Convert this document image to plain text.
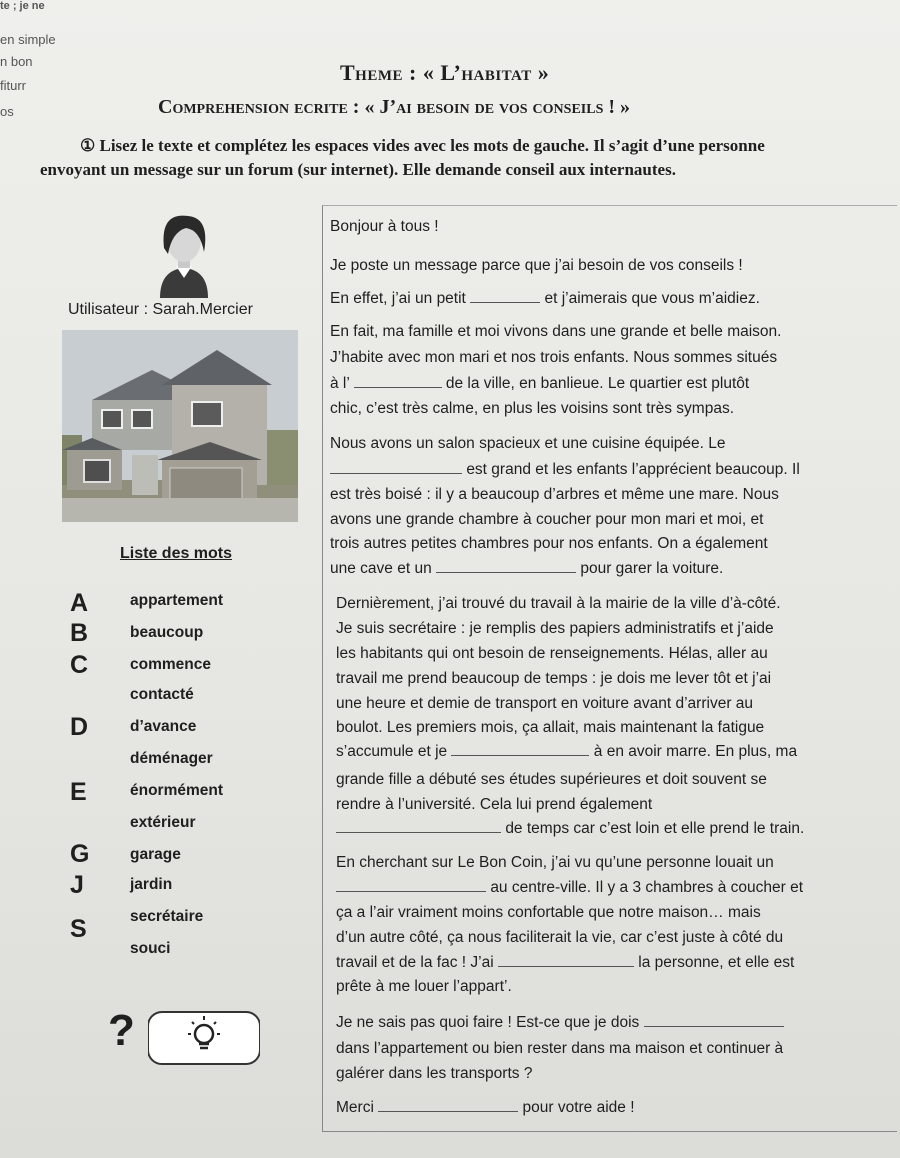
te ; je ne
en simple
n bon
fiturr
os
Theme : « L’habitat »
Comprehension ecrite : « J’ai besoin de vos conseils ! »
① Lisez le texte et complétez les espaces vides avec les mots de gauche. Il s’agit d’une personne
envoyant un message sur un forum (sur internet). Elle demande conseil aux internautes.
Utilisateur : Sarah.Mercier
Liste des mots
A	appartement
B	beaucoup
C	commence
contacté
D	d’avance
déménager
E	énormément
extérieur
G	garage
J	jardin
S	secrétaire
souci
?
Bonjour à tous !
Je poste un message parce que j’ai besoin de vos conseils !
En effet, j’ai un petit	et j’aimerais que vous m’aidiez.
En fait, ma famille et moi vivons dans une grande et belle maison.
J’habite avec mon mari et nos trois enfants. Nous sommes situés
à l’	de la ville, en banlieue. Le quartier est plutôt
chic, c’est très calme, en plus les voisins sont très sympas.
Nous avons un salon spacieux et une cuisine équipée. Le
est grand et les enfants l’apprécient beaucoup. Il
est très boisé : il y a beaucoup d’arbres et même une mare. Nous
avons une grande chambre à coucher pour mon mari et moi, et
trois autres petites chambres pour nos enfants. On a également
une cave et un	pour garer la voiture.
Dernièrement, j’ai trouvé du travail à la mairie de la ville d’à-côté.
Je suis secrétaire : je remplis des papiers administratifs et j’aide
les habitants qui ont besoin de renseignements. Hélas, aller au
travail me prend beaucoup de temps : je dois me lever tôt et j’ai
une heure et demie de transport en voiture avant d’arriver au
boulot. Les premiers mois, ça allait, mais maintenant la fatigue
s’accumule et je	à en avoir marre. En plus, ma
grande fille a débuté ses études supérieures et doit souvent se
rendre à l’université. Cela lui prend également
de temps car c’est loin et elle prend le train.
En cherchant sur Le Bon Coin, j’ai vu qu’une personne louait un
au centre-ville. Il y a 3 chambres à coucher et
ça a l’air vraiment moins confortable que notre maison… mais
d’un autre côté, ça nous faciliterait la vie, car c’est juste à côté du
travail et de la fac ! J’ai	la personne, et elle est
prête à me louer l’appart’.
Je ne sais pas quoi faire ! Est-ce que je dois
dans l’appartement ou bien rester dans ma maison et continuer à
galérer dans les transports ?
Merci	pour votre aide !
